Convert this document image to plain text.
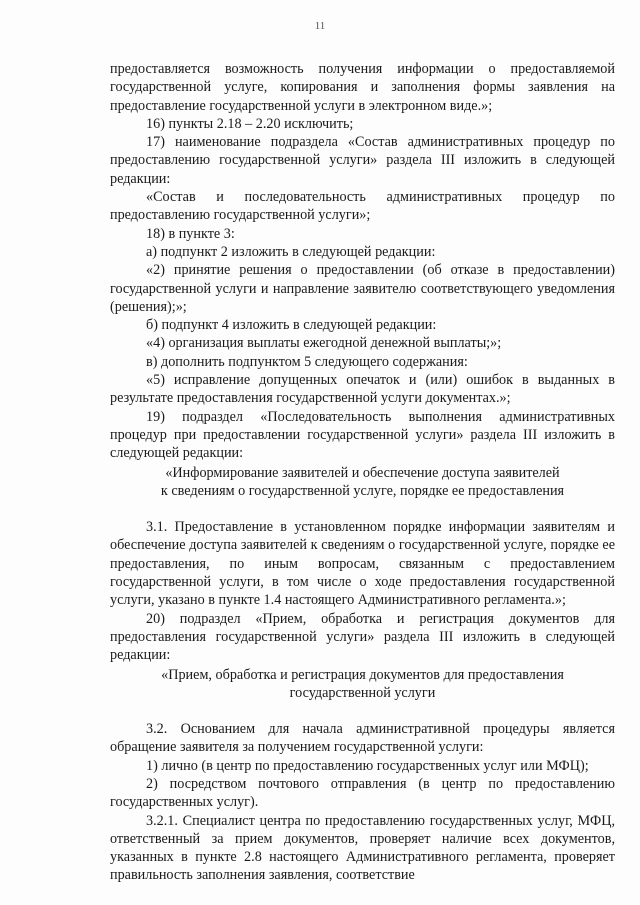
11

предоставляется возможность получения информации о предоставляемой государственной услуге, копирования и заполнения формы заявления на предоставление государственной услуги в электронном виде.»;

16) пункты 2.18 – 2.20 исключить;

17) наименование подраздела «Состав административных процедур по предоставлению государственной услуги» раздела III изложить в следующей редакции:

«Состав и последовательность административных процедур по предоставлению государственной услуги»;

18) в пункте 3:

а) подпункт 2 изложить в следующей редакции:

«2) принятие решения о предоставлении (об отказе в предоставлении) государственной услуги и направление заявителю соответствующего уведомления (решения);»;

б) подпункт 4 изложить в следующей редакции:

«4) организация выплаты ежегодной денежной выплаты;»;

в) дополнить подпунктом 5 следующего содержания:

«5) исправление допущенных опечаток и (или) ошибок в выданных в результате предоставления государственной услуги документах.»;

19) подраздел «Последовательность выполнения административных процедур при предоставлении государственной услуги» раздела III изложить в следующей редакции:

«Информирование заявителей и обеспечение доступа заявителей

к сведениям о государственной услуге, порядке ее предоставления

3.1. Предоставление в установленном порядке информации заявителям и обеспечение доступа заявителей к сведениям о государственной услуге, порядке ее предоставления, по иным вопросам, связанным с предоставлением государственной услуги, в том числе о ходе предоставления государственной услуги, указано в пункте 1.4 настоящего Административного регламента.»;

20) подраздел «Прием, обработка и регистрация документов для предоставления государственной услуги» раздела III изложить в следующей редакции:

«Прием, обработка и регистрация документов для предоставления

государственной услуги

3.2. Основанием для начала административной процедуры является обращение заявителя за получением государственной услуги:

1) лично (в центр по предоставлению государственных услуг или МФЦ);

2) посредством почтового отправления (в центр по предоставлению государственных услуг).

3.2.1. Специалист центра по предоставлению государственных услуг, МФЦ, ответственный за прием документов, проверяет наличие всех документов, указанных в пункте 2.8 настоящего Административного регламента, проверяет правильность заполнения заявления, соответствие
